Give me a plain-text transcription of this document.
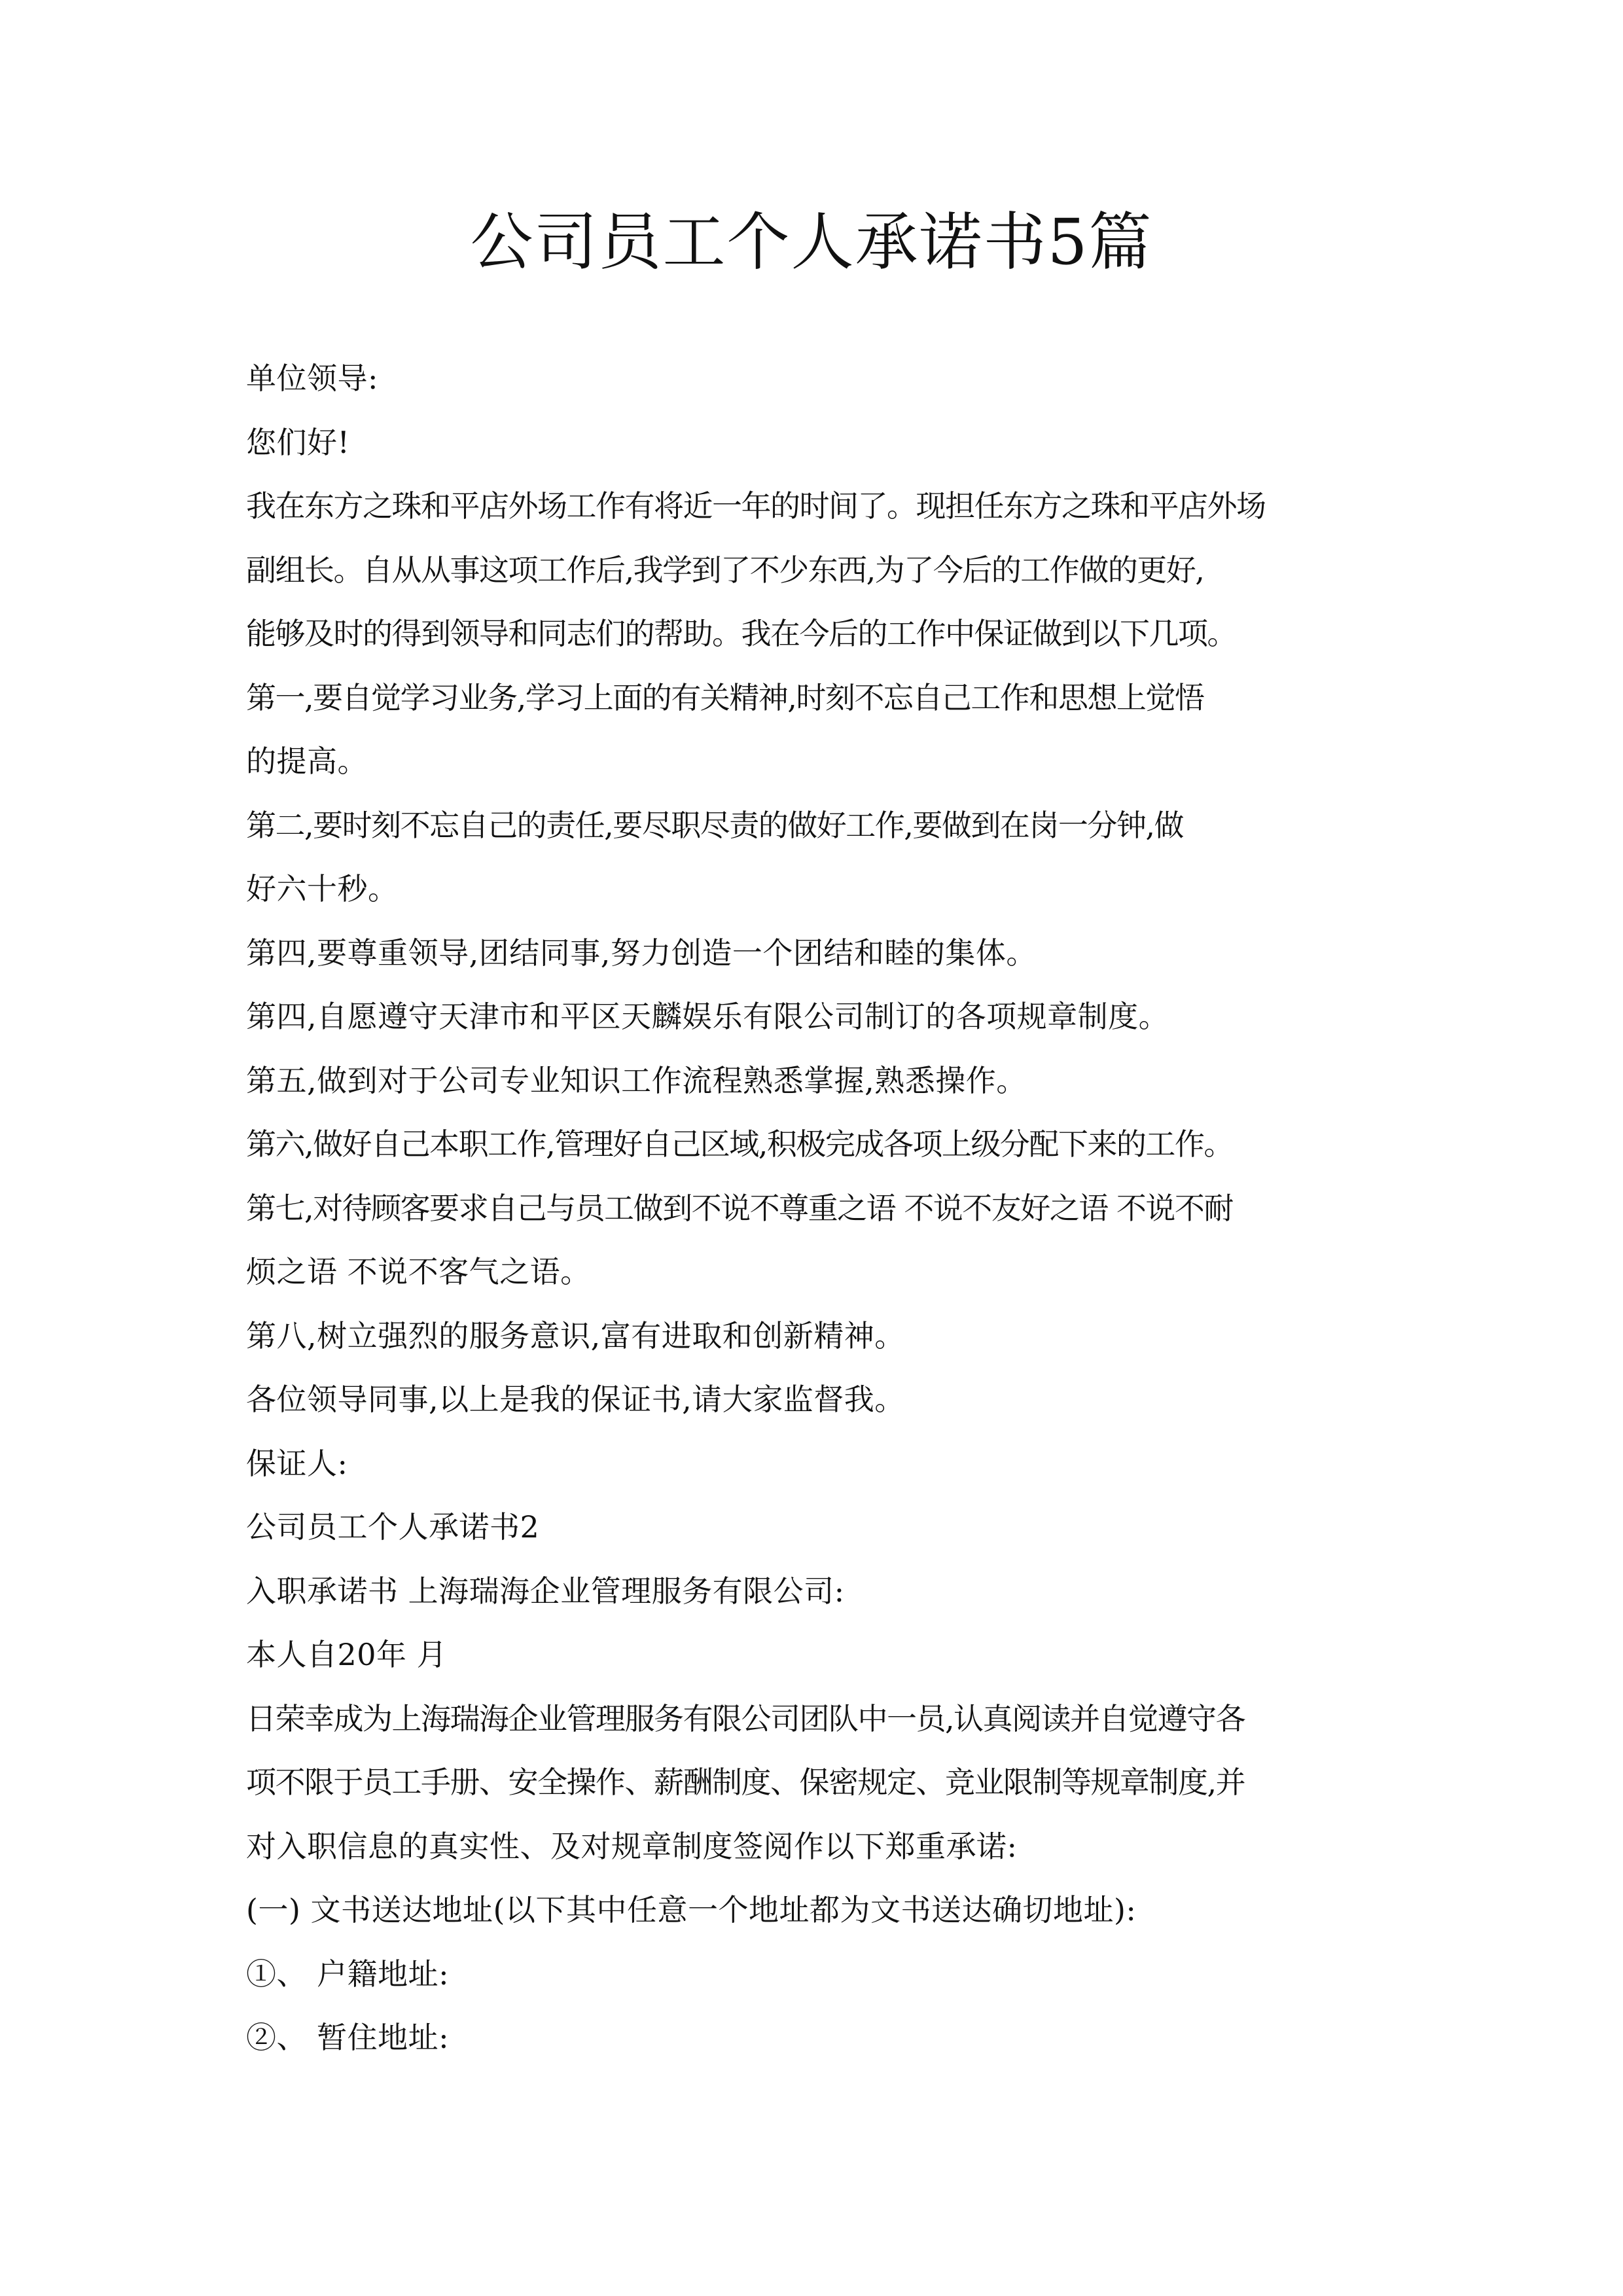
公司员工个人承诺书5篇
单位领导:
您们好!
我在东方之珠和平店外场工作有将近一年的时间了。现担任东方之珠和平店外场
副组长。自从从事这项工作后,我学到了不少东西,为了今后的工作做的更好,
能够及时的得到领导和同志们的帮助。我在今后的工作中保证做到以下几项。
第一,要自觉学习业务,学习上面的有关精神,时刻不忘自己工作和思想上觉悟
的提高。
第二,要时刻不忘自己的责任,要尽职尽责的做好工作,要做到在岗一分钟,做
好六十秒。
第四,要尊重领导,团结同事,努力创造一个团结和睦的集体。
第四,自愿遵守天津市和平区天麟娱乐有限公司制订的各项规章制度。
第五,做到对于公司专业知识工作流程熟悉掌握,熟悉操作。
第六,做好自己本职工作,管理好自己区域,积极完成各项上级分配下来的工作。
第七,对待顾客要求自己与员工做到不说不尊重之语 不说不友好之语 不说不耐
烦之语 不说不客气之语。
第八,树立强烈的服务意识,富有进取和创新精神。
各位领导同事,以上是我的保证书,请大家监督我。
保证人:
公司员工个人承诺书2
入职承诺书 上海瑞海企业管理服务有限公司:
本人自20年 月
日荣幸成为上海瑞海企业管理服务有限公司团队中一员,认真阅读并自觉遵守各
项不限于员工手册、安全操作、薪酬制度、保密规定、竞业限制等规章制度,并
对入职信息的真实性、及对规章制度签阅作以下郑重承诺:
(一) 文书送达地址(以下其中任意一个地址都为文书送达确切地址):
①、 户籍地址:
②、 暂住地址:
